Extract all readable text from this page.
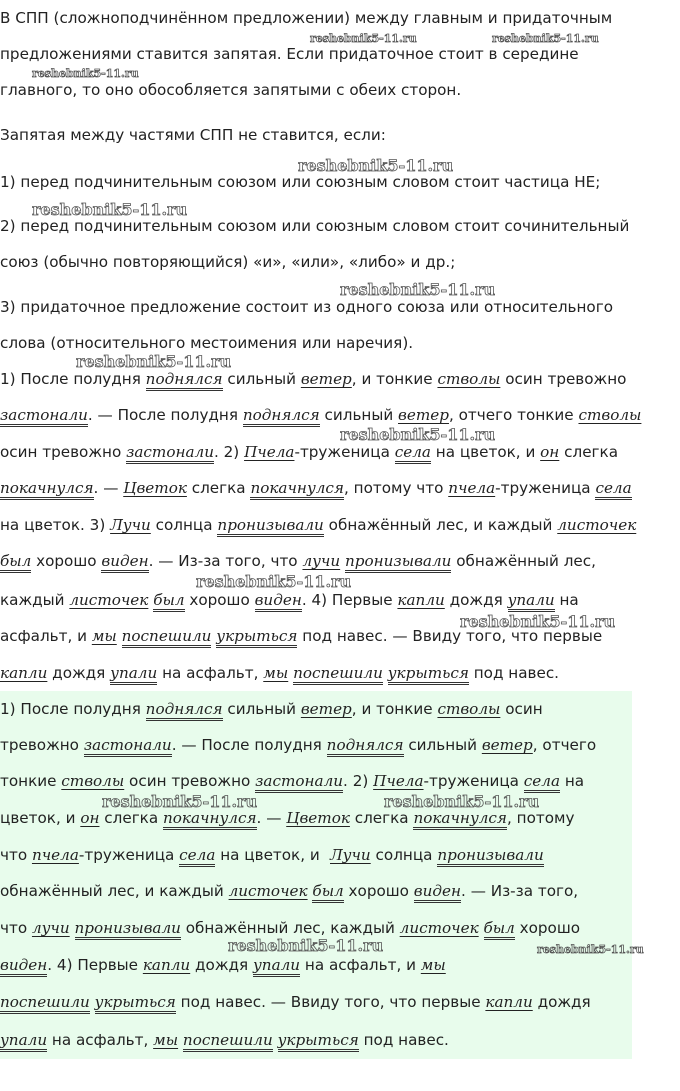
В СПП (сложноподчинённом предложении) между главным и придаточным
предложениями ставится запятая. Если придаточное стоит в середине
главного, то оно обособляется запятыми с обеих сторон.
Запятая между частями СПП не ставится, если:
1) перед подчинительным союзом или союзным словом стоит частица НЕ;
2) перед подчинительным союзом или союзным словом стоит сочинительный
союз (обычно повторяющийся) «и», «или», «либо» и др.;
3) придаточное предложение состоит из одного союза или относительного
слова (относительного местоимения или наречия).
1) После полудня поднялся сильный ветер, и тонкие стволы осин тревожно
застонали. — После полудня поднялся сильный ветер, отчего тонкие стволы
осин тревожно застонали. 2) Пчела-труженица села на цветок, и он слегка
покачнулся. — Цветок слегка покачнулся, потому что пчела-труженица села
на цветок. 3) Лучи солнца пронизывали обнажённый лес, и каждый листочек
был хорошо виден. — Из-за того, что лучи пронизывали обнажённый лес,
каждый листочек был хорошо виден. 4) Первые капли дождя упали на
асфальт, и мы поспешили укрыться под навес. — Ввиду того, что первые
капли дождя упали на асфальт, мы поспешили укрыться под навес.
1) После полудня поднялся сильный ветер, и тонкие стволы осин
тревожно застонали. — После полудня поднялся сильный ветер, отчего
тонкие стволы осин тревожно застонали. 2) Пчела-труженица села на
цветок, и он слегка покачнулся. — Цветок слегка покачнулся, потому
что пчела-труженица села на цветок, и Лучи солнца пронизывали
обнажённый лес, и каждый листочек был хорошо виден. — Из-за того,
что лучи пронизывали обнажённый лес, каждый листочек был хорошо
виден. 4) Первые капли дождя упали на асфальт, и мы
поспешили укрыться под навес. — Ввиду того, что первые капли дождя
упали на асфальт, мы поспешили укрыться под навес.
reshebnik5-11.ru	reshebnik5-11.ru
reshebnik5-11.ru
reshebnik5-11.ru
reshebnik5-11.ru
reshebnik5-11.ru
reshebnik5-11.ru
reshebnik5-11.ru
reshebnik5-11.ru
reshebnik5-11.ru
reshebnik5-11.ru	reshebnik5-11.ru
reshebnik5-11.ru	reshebnik5-11.ru
